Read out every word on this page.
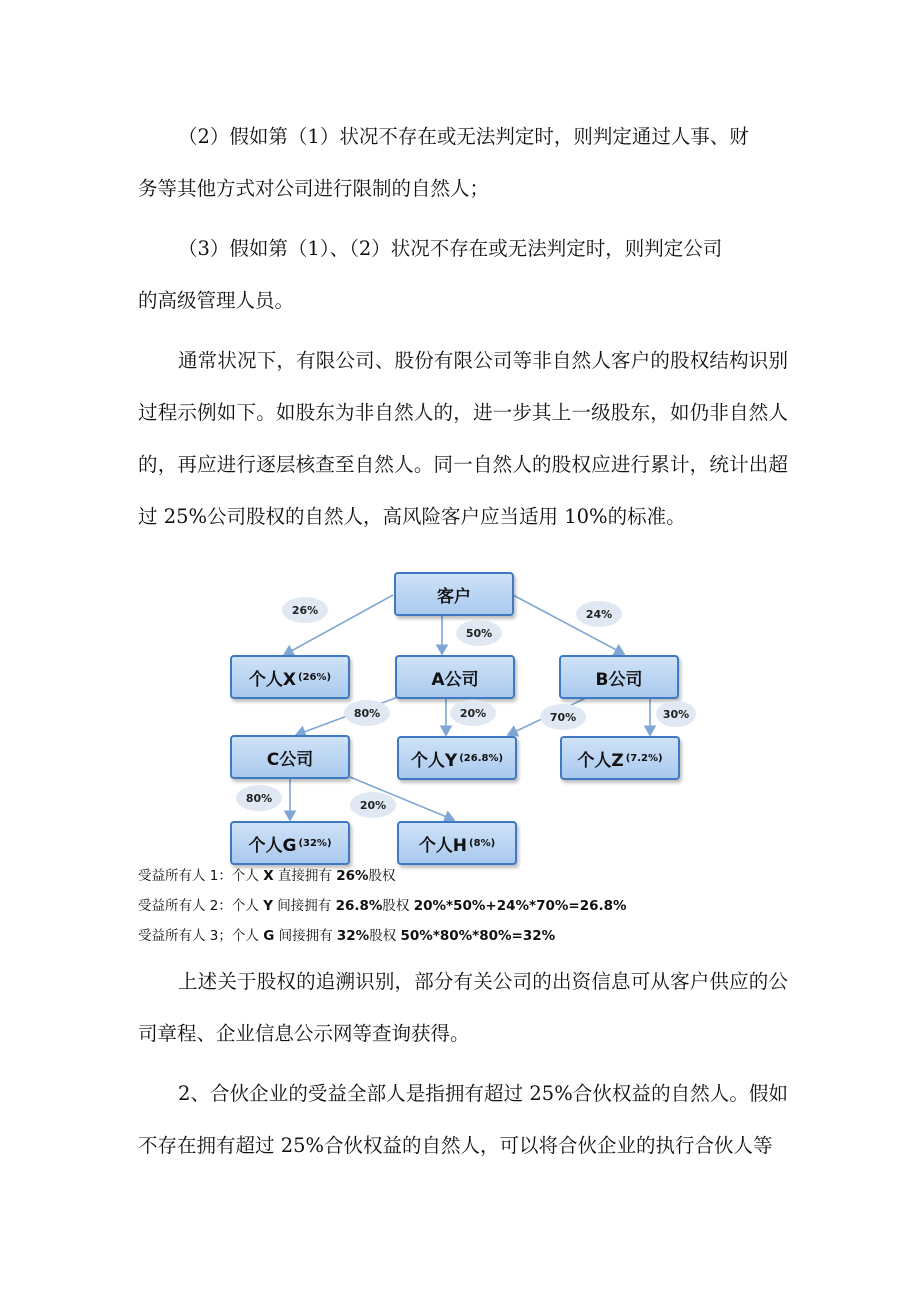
（2）假如第（1）状况不存在或无法判定时，则判定通过人事、财
务等其他方式对公司进行限制的自然人；

（3）假如第（1）、（2）状况不存在或无法判定时，则判定公司
的高级管理人员。

通常状况下，有限公司、股份有限公司等非自然人客户的股权结构识别过程示例如下。如股东为非自然人的，进一步其上一级股东，如仍非自然人的，再应进行逐层核查至自然人。同一自然人的股权应进行累计，统计出超过 25%公司股权的自然人，高风险客户应当适用 10%的标准。

客户
个人X (26%)	A公司	B公司
C公司	个人Y (26.8%)	个人Z (7.2%)
个人G (32%)	个人H (8%)
26%
50%
24%
80%	20%	70%	30%
80%
20%
受益所有人 1：个人 X 直接拥有 26%股权
受益所有人 2：个人 Y 间接拥有 26.8%股权 20%*50%+24%*70%=26.8%
受益所有人 3；个人 G 间接拥有 32%股权 50%*80%*80%=32%

上述关于股权的追溯识别，部分有关公司的出资信息可从客户供应的公司章程、企业信息公示网等查询获得。

2、合伙企业的受益全部人是指拥有超过 25%合伙权益的自然人。假如不存在拥有超过 25%合伙权益的自然人，可以将合伙企业的执行合伙人等
